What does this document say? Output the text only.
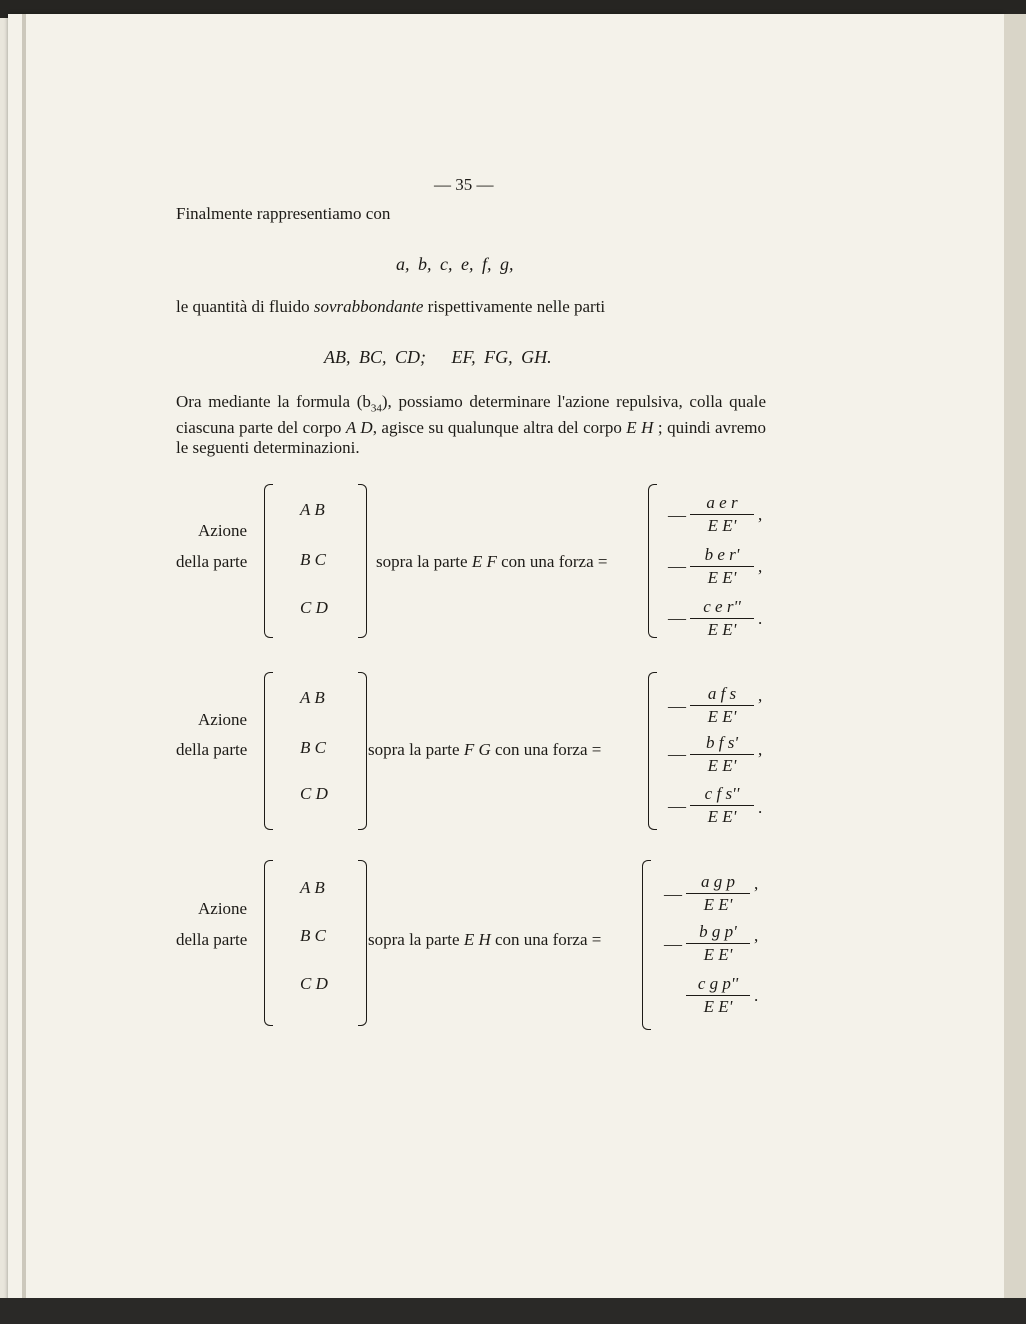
— 35 —
Finalmente rappresentiamo con
a, b, c, e, f, g,
le quantità di fluido sovrabbondante rispettivamente nelle parti
AB, BC, CD;   EF, FG, GH.
Ora mediante la formula $(b_{34})$, possiamo determinare l'azione repulsiva, colla quale ciascuna parte del corpo A D, agisce su qualunque altra del corpo E H ; quindi avremo le seguenti determinazioni.
Azione
della parte
A B
B C
C D
sopra la parte E F con una forza =
—
a e r
E E'
,
—
b e r'
E E'
,
—
c e r''
E E'
.
Azione
della parte
A B
B C
C D
sopra la parte F G con una forza =
—
a f s
E E'
,
—
b f s'
E E'
,
—
c f s''
E E'	.
Azione
della parte
A B
B C
C D
sopra la parte E H con una forza =
—
a g p
E E'
,
—
b g p'
E E'
,
c g p''
E E'
.
